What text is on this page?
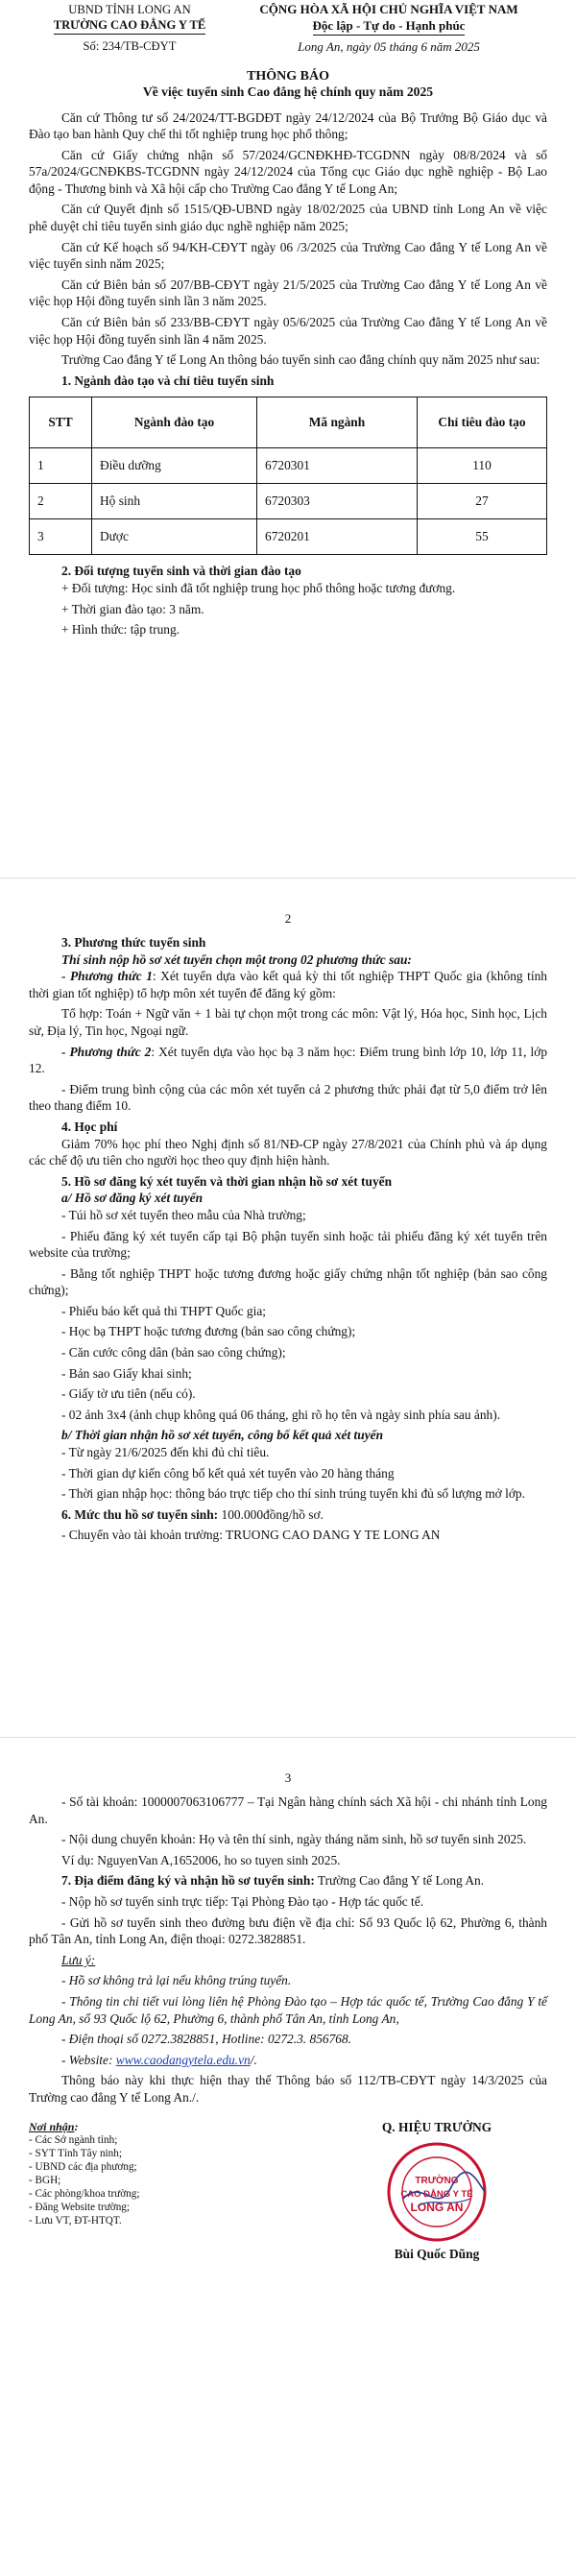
UBND TỈNH LONG AN
TRƯỜNG CAO ĐẲNG Y TẾ
Số: 234/TB-CĐYT
CỘNG HÒA XÃ HỘI CHỦ NGHĨA VIỆT NAM
Độc lập - Tự do - Hạnh phúc
Long An, ngày 05 tháng 6 năm 2025
THÔNG BÁO
Về việc tuyển sinh Cao đẳng hệ chính quy năm 2025

Căn cứ Thông tư số 24/2024/TT-BGDĐT ngày 24/12/2024 của Bộ Trưởng Bộ Giáo dục và Đào tạo ban hành Quy chế thi tốt nghiệp trung học phổ thông;

Căn cứ Giấy chứng nhận số 57/2024/GCNĐKHĐ-TCGDNN ngày 08/8/2024 và số 57a/2024/GCNĐKBS-TCGDNN ngày 24/12/2024 của Tổng cục Giáo dục nghề nghiệp - Bộ Lao động - Thương binh và Xã hội cấp cho Trường Cao đẳng Y tế Long An;

Căn cứ Quyết định số 1515/QĐ-UBND ngày 18/02/2025 của UBND tỉnh Long An về việc phê duyệt chỉ tiêu tuyển sinh giáo dục nghề nghiệp năm 2025;

Căn cứ Kế hoạch số 94/KH-CĐYT ngày 06 /3/2025 của Trường Cao đẳng Y tế Long An về việc tuyển sinh năm 2025;

Căn cứ Biên bản số 207/BB-CĐYT ngày 21/5/2025 của Trường Cao đẳng Y tế Long An về việc họp Hội đồng tuyển sinh lần 3 năm 2025.

Căn cứ Biên bản số 233/BB-CĐYT ngày 05/6/2025 của Trường Cao đẳng Y tế Long An về việc họp Hội đồng tuyển sinh lần 4 năm 2025.

Trường Cao đẳng Y tế Long An thông báo tuyển sinh cao đẳng chính quy năm 2025 như sau:

1. Ngành đào tạo và chỉ tiêu tuyển sinh

STT	Ngành đào tạo	Mã ngành	Chỉ tiêu đào tạo
1	Điều dưỡng	6720301	110
2	Hộ sinh	6720303	27
3	Dược	6720201	55

2. Đối tượng tuyển sinh và thời gian đào tạo

+ Đối tượng: Học sinh đã tốt nghiệp trung học phổ thông hoặc tương đương.

+ Thời gian đào tạo: 3 năm.

+ Hình thức: tập trung.

2

3. Phương thức tuyển sinh

Thí sinh nộp hồ sơ xét tuyển chọn một trong 02 phương thức sau:

- Phương thức 1: Xét tuyển dựa vào kết quả kỳ thi tốt nghiệp THPT Quốc gia (không tính thời gian tốt nghiệp) tổ hợp môn xét tuyển để đăng ký gồm:

Tổ hợp: Toán + Ngữ văn + 1 bài tự chọn một trong các môn: Vật lý, Hóa học, Sinh học, Lịch sử, Địa lý, Tin học, Ngoại ngữ.

- Phương thức 2: Xét tuyển dựa vào học bạ 3 năm học: Điểm trung bình lớp 10, lớp 11, lớp 12.

- Điểm trung bình cộng của các môn xét tuyển cả 2 phương thức phải đạt từ 5,0 điểm trở lên theo thang điểm 10.

4. Học phí

Giảm 70% học phí theo Nghị định số 81/NĐ-CP ngày 27/8/2021 của Chính phủ và áp dụng các chế độ ưu tiên cho người học theo quy định hiện hành.

5. Hồ sơ đăng ký xét tuyển và thời gian nhận hồ sơ xét tuyển

a/ Hồ sơ đăng ký xét tuyển

- Túi hồ sơ xét tuyển theo mẫu của Nhà trường;

- Phiếu đăng ký xét tuyển cấp tại Bộ phận tuyển sinh hoặc tải phiếu đăng ký xét tuyển trên website của trường;

- Bằng tốt nghiệp THPT hoặc tương đương hoặc giấy chứng nhận tốt nghiệp (bản sao công chứng);

- Phiếu báo kết quả thi THPT Quốc gia;

- Học bạ THPT hoặc tương đương (bản sao công chứng);

- Căn cước công dân (bản sao công chứng);

- Bản sao Giấy khai sinh;

- Giấy tờ ưu tiên (nếu có).

- 02 ảnh 3x4 (ảnh chụp không quá 06 tháng, ghi rõ họ tên và ngày sinh phía sau ảnh).

b/ Thời gian nhận hồ sơ xét tuyển, công bố kết quả xét tuyển

- Từ ngày 21/6/2025 đến khi đủ chỉ tiêu.

- Thời gian dự kiến công bố kết quả xét tuyển vào 20 hàng tháng

- Thời gian nhập học: thông báo trực tiếp cho thí sinh trúng tuyển khi đủ số lượng mở lớp.

6. Mức thu hồ sơ tuyển sinh: 100.000đồng/hồ sơ.

- Chuyển vào tài khoản trường: TRUONG CAO DANG Y TE LONG AN

3

- Số tài khoản: 1000007063106777 – Tại Ngân hàng chính sách Xã hội - chi nhánh tỉnh Long An.

- Nội dung chuyển khoản: Họ và tên thí sinh, ngày tháng năm sinh, hồ sơ tuyển sinh 2025.

Ví dụ: NguyenVan A,1652006, ho so tuyen sinh 2025.

7. Địa điểm đăng ký và nhận hồ sơ tuyển sinh: Trường Cao đẳng Y tế Long An.

- Nộp hồ sơ tuyển sinh trực tiếp: Tại Phòng Đào tạo - Hợp tác quốc tế.

- Gửi hồ sơ tuyển sinh theo đường bưu điện về địa chỉ: Số 93 Quốc lộ 62, Phường 6, thành phố Tân An, tỉnh Long An, điện thoại: 0272.3828851.

Lưu ý:

- Hồ sơ không trả lại nếu không trúng tuyển.

- Thông tin chi tiết vui lòng liên hệ Phòng Đào tạo – Hợp tác quốc tế, Trường Cao đẳng Y tế Long An, số 93 Quốc lộ 62, Phường 6, thành phố Tân An, tỉnh Long An,

- Điện thoại số 0272.3828851, Hotline: 0272.3. 856768.

- Website: www.caodangytela.edu.vn/.

Thông báo này khi thực hiện thay thế Thông báo số 112/TB-CĐYT ngày 14/3/2025 của Trường cao đẳng Y tế Long An./.

Nơi nhận:
- Các Sở ngành tỉnh;
- SYT Tỉnh Tây ninh;
- UBND các địa phương;
- BGH;
- Các phòng/khoa trường;
- Đăng Website trường;
- Lưu VT, ĐT-HTQT.
Q. HIỆU TRƯỞNG
TRƯỜNG
CAO ĐẲNG Y TẾ
LONG AN
Bùi Quốc Dũng
